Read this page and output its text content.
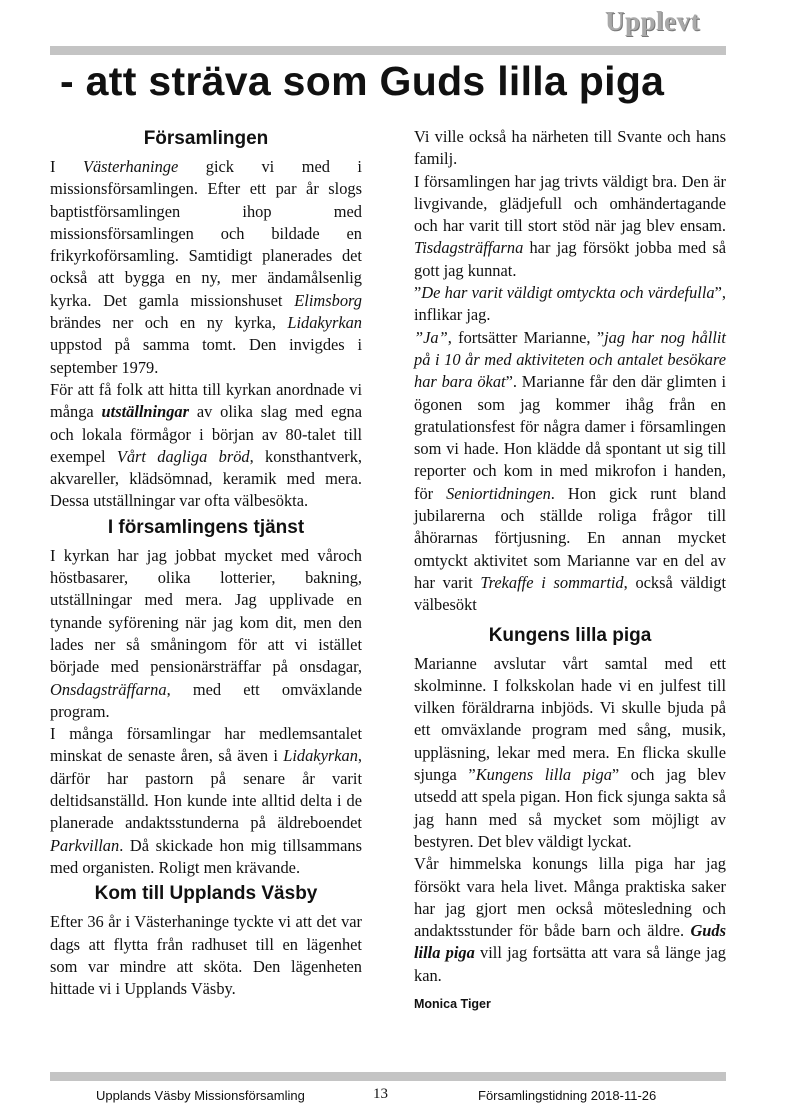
Upplevt
- att sträva som Guds lilla piga
Församlingen

I Västerhaninge gick vi med i missionsförsamlingen. Efter ett par år slogs baptistförsamlingen ihop med missionsförsamlingen och bildade en frikyrkoförsamling. Samtidigt planerades det också att bygga en ny, mer ändamålsenlig kyrka. Det gamla missionshuset Elimsborg brändes ner och en ny kyrka, Lidakyrkan uppstod på samma tomt. Den invigdes i september 1979.

För att få folk att hitta till kyrkan anordnade vi många utställningar av olika slag med egna och lokala förmågor i början av 80-talet till exempel Vårt dagliga bröd, konsthantverk, akvareller, klädsömnad, keramik med mera. Dessa utställningar var ofta välbesökta.

I församlingens tjänst

I kyrkan har jag jobbat mycket med våroch höstbasarer, olika lotterier, bakning, utställningar med mera. Jag upplivade en tynande syförening när jag kom dit, men den lades ner så småningom för att vi istället började med pensionärsträffar på onsdagar, Onsdagsträffarna, med ett omväxlande program.

I många församlingar har medlemsantalet minskat de senaste åren, så även i Lidakyrkan, därför har pastorn på senare år varit deltidsanställd. Hon kunde inte alltid delta i de planerade andaktsstunderna på äldreboendet Parkvillan. Då skickade hon mig tillsammans med organisten. Roligt men krävande.

Kom till Upplands Väsby

Efter 36 år i Västerhaninge tyckte vi att det var dags att flytta från radhuset till en lägenhet som var mindre att sköta. Den lägenheten hittade vi i Upplands Väsby.

Vi ville också ha närheten till Svante och hans familj.

I församlingen har jag trivts väldigt bra. Den är livgivande, glädjefull och omhändertagande och har varit till stort stöd när jag blev ensam. Tisdagsträffarna har jag försökt jobba med så gott jag kunnat.

”De har varit väldigt omtyckta och värdefulla”, inflikar jag.

”Ja”, fortsätter Marianne, ”jag har nog hållit på i 10 år med aktiviteten och antalet besökare har bara ökat”. Marianne får den där glimten i ögonen som jag kommer ihåg från en gratulationsfest för några damer i församlingen som vi hade. Hon klädde då spontant ut sig till reporter och kom in med mikrofon i handen, för Seniortidningen. Hon gick runt bland jubilarerna och ställde roliga frågor till åhörarnas förtjusning. En annan mycket omtyckt aktivitet som Marianne var en del av har varit Trekaffe i sommartid, också väldigt välbesökt

Kungens lilla piga

Marianne avslutar vårt samtal med ett skolminne. I folkskolan hade vi en julfest till vilken föräldrarna inbjöds. Vi skulle bjuda på ett omväxlande program med sång, musik, uppläsning, lekar med mera. En flicka skulle sjunga ”Kungens lilla piga” och jag blev utsedd att spela pigan. Hon fick sjunga sakta så jag hann med så mycket som möjligt av bestyren. Det blev väldigt lyckat.

Vår himmelska konungs lilla piga har jag försökt vara hela livet. Många praktiska saker har jag gjort men också mötesledning och andaktsstunder för både barn och äldre. Guds lilla piga vill jag fortsätta att vara så länge jag kan.

Monica Tiger
Upplands Väsby Missionsförsamling	13	Församlingstidning 2018-11-26
